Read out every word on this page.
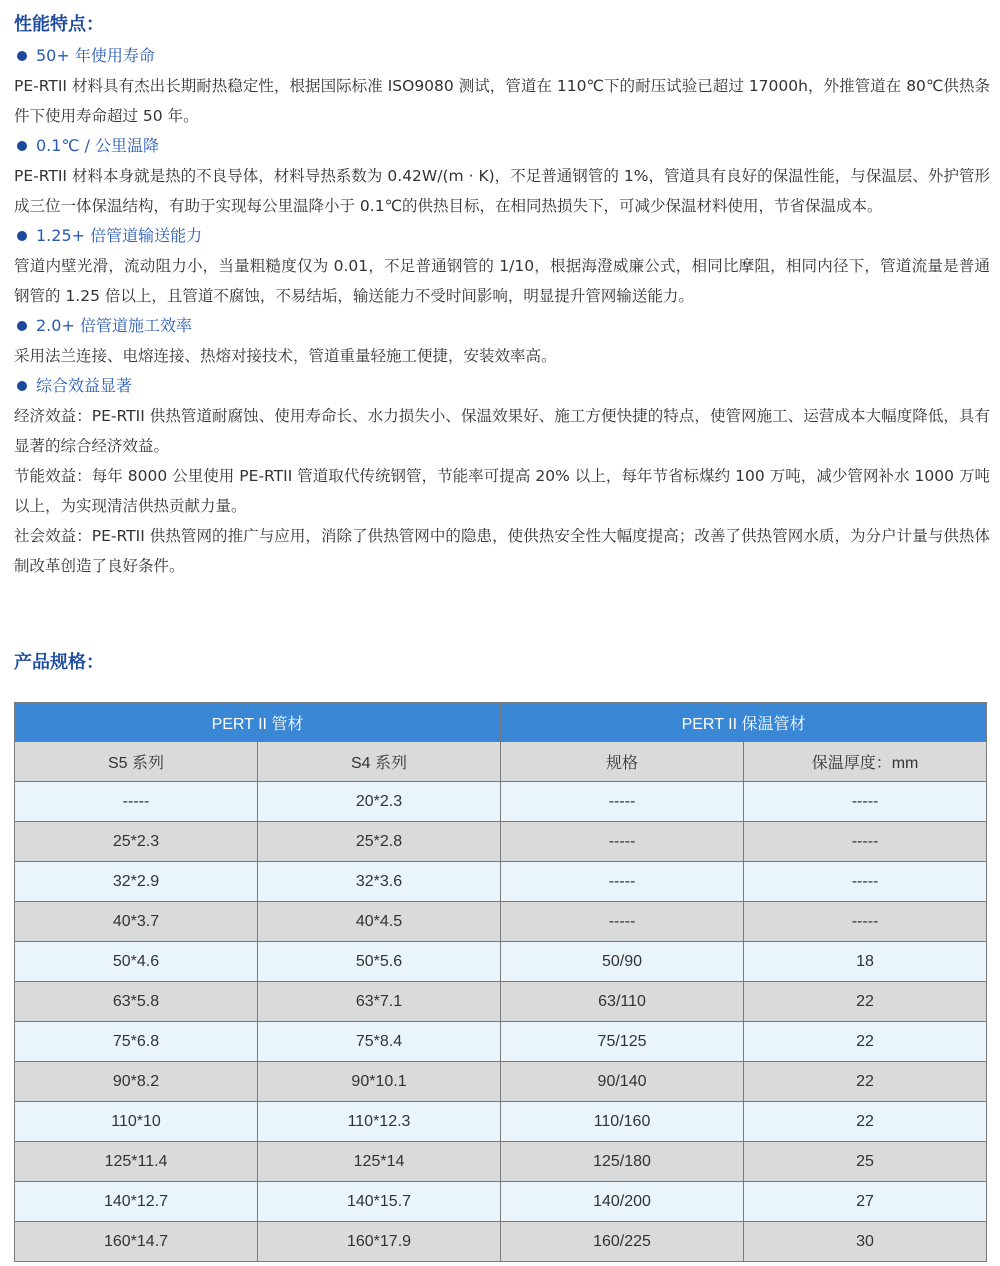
性能特点：
50+ 年使用寿命

PE-RTII 材料具有杰出长期耐热稳定性，根据国际标准 ISO9080 测试，管道在 110℃下的耐压试验已超过 17000h，外推管道在 80℃供热条件下使用寿命超过 50 年。

0.1℃ / 公里温降

PE-RTII 材料本身就是热的不良导体，材料导热系数为 0.42W/(m · K)，不足普通钢管的 1%，管道具有良好的保温性能，与保温层、外护管形成三位一体保温结构，有助于实现每公里温降小于 0.1℃的供热目标，在相同热损失下，可减少保温材料使用，节省保温成本。

1.25+ 倍管道输送能力

管道内壁光滑，流动阻力小，当量粗糙度仅为 0.01，不足普通钢管的 1/10，根据海澄威廉公式，相同比摩阻，相同内径下，管道流量是普通钢管的 1.25 倍以上，且管道不腐蚀，不易结垢，输送能力不受时间影响，明显提升管网输送能力。

2.0+ 倍管道施工效率

采用法兰连接、电熔连接、热熔对接技术，管道重量轻施工便捷，安装效率高。

综合效益显著

经济效益：PE-RTII 供热管道耐腐蚀、使用寿命长、水力损失小、保温效果好、施工方便快捷的特点，使管网施工、运营成本大幅度降低，具有显著的综合经济效益。

节能效益：每年 8000 公里使用 PE-RTII 管道取代传统钢管，节能率可提高 20% 以上，每年节省标煤约 100 万吨，减少管网补水 1000 万吨以上，为实现清洁供热贡献力量。

社会效益：PE-RTII 供热管网的推广与应用，消除了供热管网中的隐患，使供热安全性大幅度提高；改善了供热管网水质，为分户计量与供热体制改革创造了良好条件。

产品规格：
PERT II 管材		PERT II 保温管材	
S5 系列	S4 系列	规格	保温厚度：mm
-----	20*2.3	-----	-----
25*2.3	25*2.8	-----	-----
32*2.9	32*3.6	-----	-----
40*3.7	40*4.5	-----	-----
50*4.6	50*5.6	50/90	18
63*5.8	63*7.1	63/110	22
75*6.8	75*8.4	75/125	22
90*8.2	90*10.1	90/140	22
110*10	110*12.3	110/160	22
125*11.4	125*14	125/180	25
140*12.7	140*15.7	140/200	27
160*14.7	160*17.9	160/225	30
